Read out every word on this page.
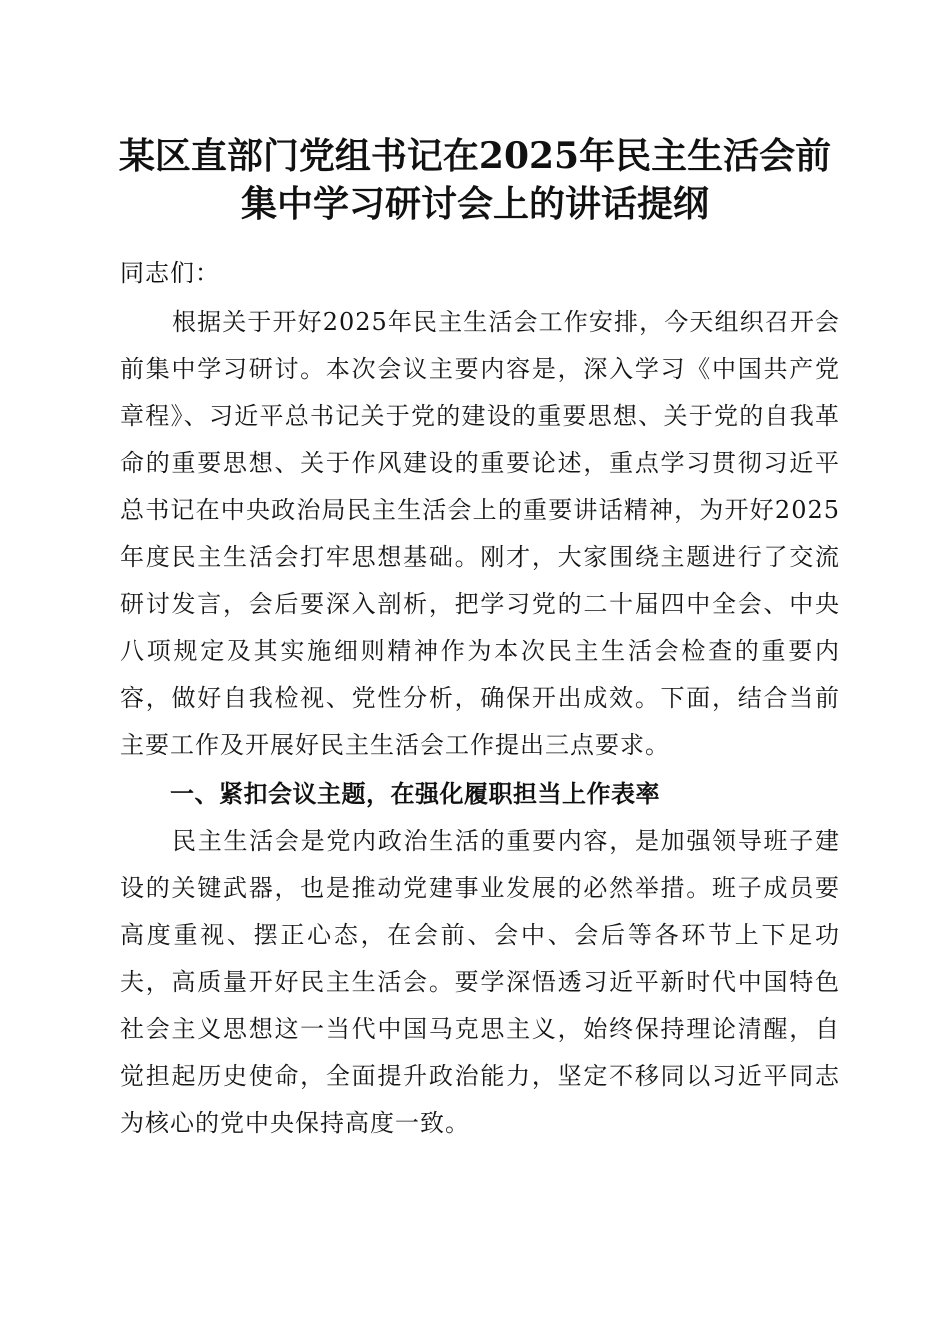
某区直部门党组书记在2025年民主生活会前
集中学习研讨会上的讲话提纲

同志们：

根据关于开好2025年民主生活会工作安排，今天组织召开会前集中学习研讨。本次会议主要内容是，深入学习《中国共产党章程》、习近平总书记关于党的建设的重要思想、关于党的自我革命的重要思想、关于作风建设的重要论述，重点学习贯彻习近平总书记在中央政治局民主生活会上的重要讲话精神，为开好2025年度民主生活会打牢思想基础。刚才，大家围绕主题进行了交流研讨发言，会后要深入剖析，把学习党的二十届四中全会、中央八项规定及其实施细则精神作为本次民主生活会检查的重要内容，做好自我检视、党性分析，确保开出成效。下面，结合当前主要工作及开展好民主生活会工作提出三点要求。

一、紧扣会议主题，在强化履职担当上作表率

民主生活会是党内政治生活的重要内容，是加强领导班子建设的关键武器，也是推动党建事业发展的必然举措。班子成员要高度重视、摆正心态，在会前、会中、会后等各环节上下足功夫，高质量开好民主生活会。要学深悟透习近平新时代中国特色社会主义思想这一当代中国马克思主义，始终保持理论清醒，自觉担起历史使命，全面提升政治能力，坚定不移同以习近平同志为核心的党中央保持高度一致。
